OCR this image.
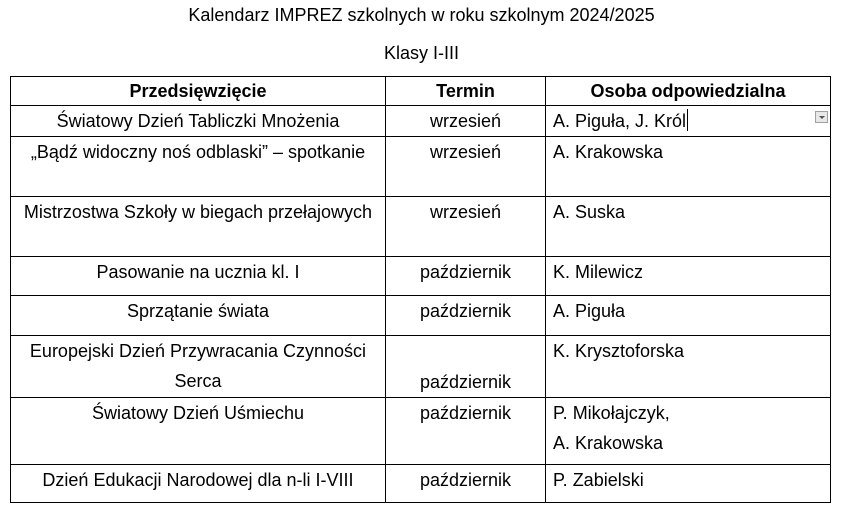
Kalendarz IMPREZ szkolnych w roku szkolnym 2024/2025
Klasy I-III
Przedsięwzięcie	Termin	Osoba odpowiedzialna
Światowy Dzień Tabliczki Mnożenia	wrzesień	A. Piguła, J. Król

„Bądź widoczny noś odblaski” – spotkanie	wrzesień	A. Krakowska
Mistrzostwa Szkoły w biegach przełajowych	wrzesień	A. Suska
Pasowanie na ucznia kl. I	październik	K. Milewicz
Sprzątanie świata	październik	A. Piguła
Europejski Dzień Przywracania Czynności Serca	październik	K. Krysztoforska
Światowy Dzień Uśmiechu	październik	P. Mikołajczyk,
A. Krakowska
Dzień Edukacji Narodowej dla n-li I-VIII	październik	P. Zabielski
